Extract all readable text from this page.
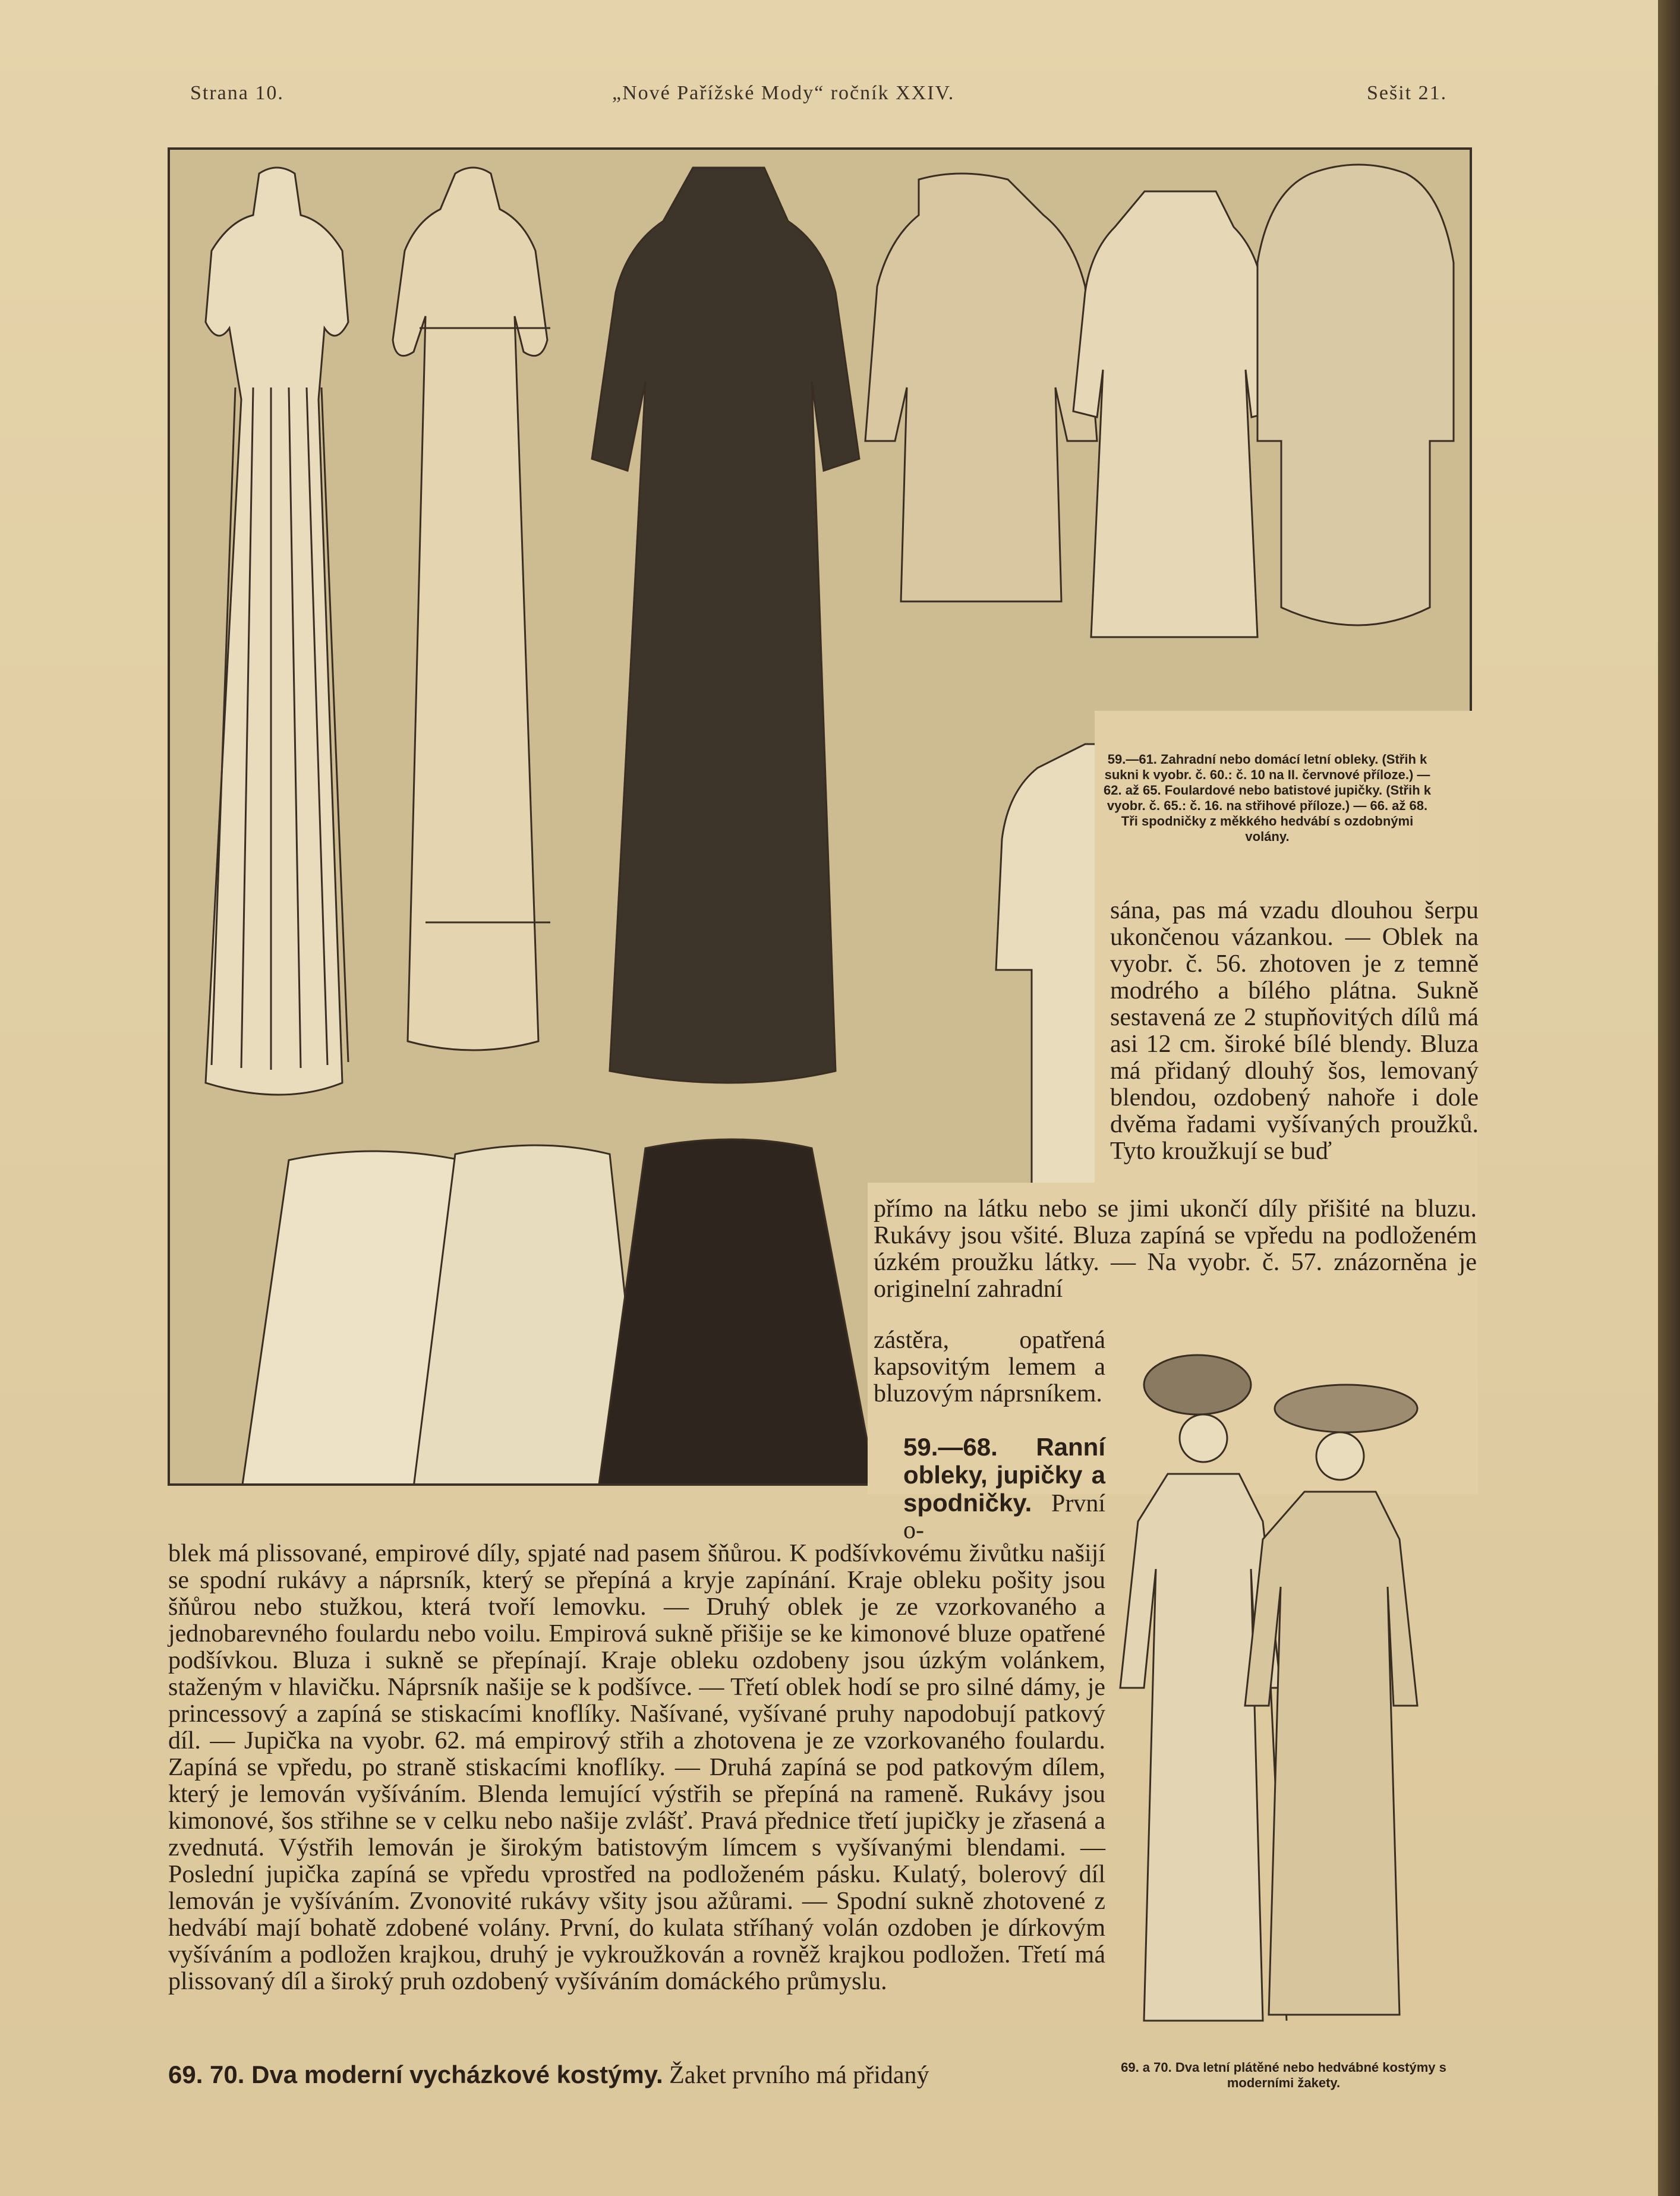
Strana 10.	„Nové Pařížské Mody“ ročník XXIV.	Sešit 21.
59.—61. Zahradní nebo domácí letní obleky. (Střih k sukni k vyobr. č. 60.: č. 10 na II. červnové příloze.) — 62. až 65. Foulardové nebo batistové jupičky. (Střih k vyobr. č. 65.: č. 16. na střihové příloze.) — 66. až 68. Tři spodničky z měkkého hedvábí s ozdobnými volány.

sána, pas má vzadu dlouhou šerpu ukončenou vázankou. — Oblek na vyobr. č. 56. zhotoven je z temně modrého a bílého plátna. Sukně sestavená ze 2 stupňovitých dílů má asi 12 cm. široké bílé blendy. Bluza má přidaný dlouhý šos, lemovaný blendou, ozdobený nahoře i dole dvěma řadami vyšívaných proužků. Tyto kroužkují se buď

přímo na látku nebo se jimi ukončí díly přišité na bluzu. Rukávy jsou všité. Bluza zapíná se vpředu na podloženém úzkém proužku látky. — Na vyobr. č. 57. znázorněna je originelní zahradní

zástěra, opatřená kapsovitým lemem a bluzovým náprsníkem.

59.—68. Ranní obleky, jupičky a spodničky. První o-

blek má plissované, empirové díly, spjaté nad pasem šňůrou. K podšívkovému živůtku našijí se spodní rukávy a náprsník, který se přepíná a kryje zapínání. Kraje obleku pošity jsou šňůrou nebo stužkou, která tvoří lemovku. — Druhý oblek je ze vzorkovaného a jednobarevného foulardu nebo voilu. Empirová sukně přišije se ke kimonové bluze opatřené podšívkou. Bluza i sukně se přepínají. Kraje obleku ozdobeny jsou úzkým volánkem, staženým v hlavičku. Náprsník našije se k podšívce. — Třetí oblek hodí se pro silné dámy, je princessový a zapíná se stiskacími knoflíky. Našívané, vyšívané pruhy napodobují patkový díl. — Jupička na vyobr. 62. má empirový střih a zhotovena je ze vzorkovaného foulardu. Zapíná se vpředu, po straně stiskacími knoflíky. — Druhá zapíná se pod patkovým dílem, který je lemován vyšíváním. Blenda lemující výstřih se přepíná na rameně. Rukávy jsou kimonové, šos střihne se v celku nebo našije zvlášť. Pravá přednice třetí jupičky je zřasená a zvednutá. Výstřih lemován je širokým batistovým límcem s vyšívanými blendami. — Poslední jupička zapíná se vpředu vprostřed na podloženém pásku. Kulatý, bolerový díl lemován je vyšíváním. Zvonovité rukávy všity jsou ažůrami. — Spodní sukně zhotovené z hedvábí mají bohatě zdobené volány. První, do kulata stříhaný volán ozdoben je dírkovým vyšíváním a podložen krajkou, druhý je vykroužkován a rovněž krajkou podložen. Třetí má plissovaný díl a široký pruh ozdobený vyšíváním domáckého průmyslu.

69. 70. Dva moderní vycházkové kostýmy. Žaket prvního má přidaný	69. a 70. Dva letní plátěné nebo hedvábné kostýmy s moderními žakety.
